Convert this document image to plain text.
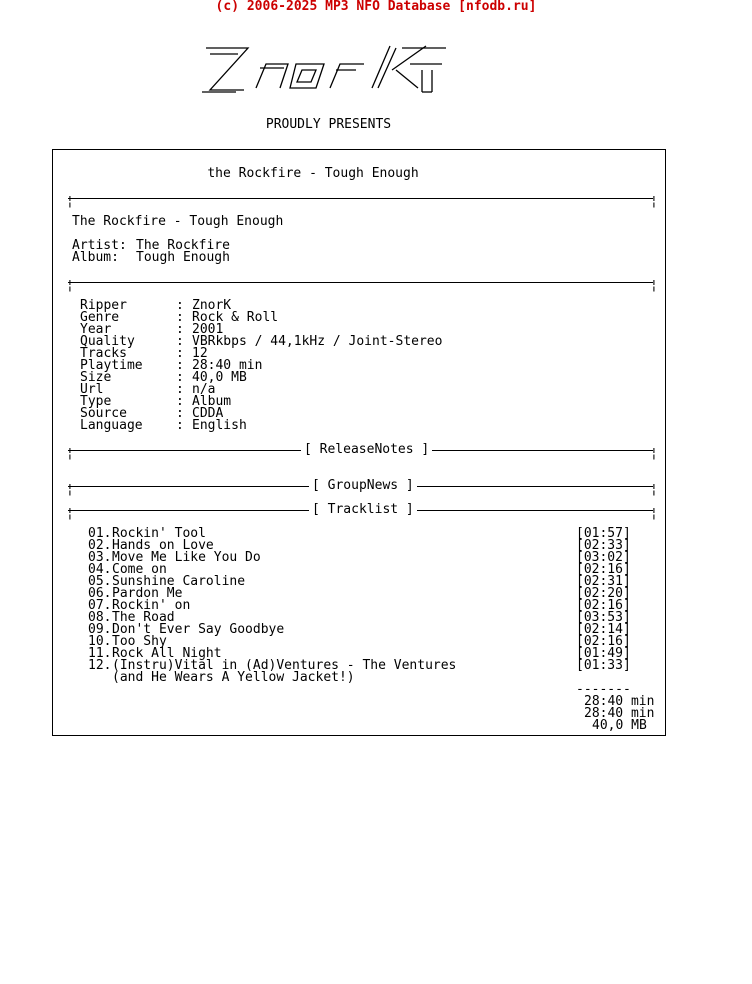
(c) 2006-2025 MP3 NFO Database [nfodb.ru]
PROUDLY PRESENTS
the Rockfire - Tough Enough
¦	¦
The Rockfire - Tough Enough
Artist: The Rockfire
Album: Tough Enough
¦	¦
Ripper	: ZnorK
Genre	: Rock & Roll
Year	: 2001
Quality	: VBRkbps / 44,1kHz / Joint-Stereo
Tracks	: 12
Playtime	: 28:40 min
Size	: 40,0 MB
Url	: n/a
Type	: Album
Source	: CDDA
Language	: English
¦	¦
[ ReleaseNotes ]
¦	¦
[ GroupNews ]
¦	¦
[ Tracklist ]
01. Rockin' Tool	[01:57]
02. Hands on Love	[02:33]
03. Move Me Like You Do	[03:02]
04. Come on	[02:16]
05. Sunshine Caroline	[02:31]
06. Pardon Me	[02:20]
07. Rockin' on	[02:16]
08. The Road	[03:53]
09. Don't Ever Say Goodbye	[02:14]
10. Too Shy	[02:16]
11. Rock All Night	[01:49]
12. (Instru)Vital in (Ad)Ventures - The Ventures	[01:33]
(and He Wears A Yellow Jacket!)
-------
28:40 min
28:40 min
40,0 MB
